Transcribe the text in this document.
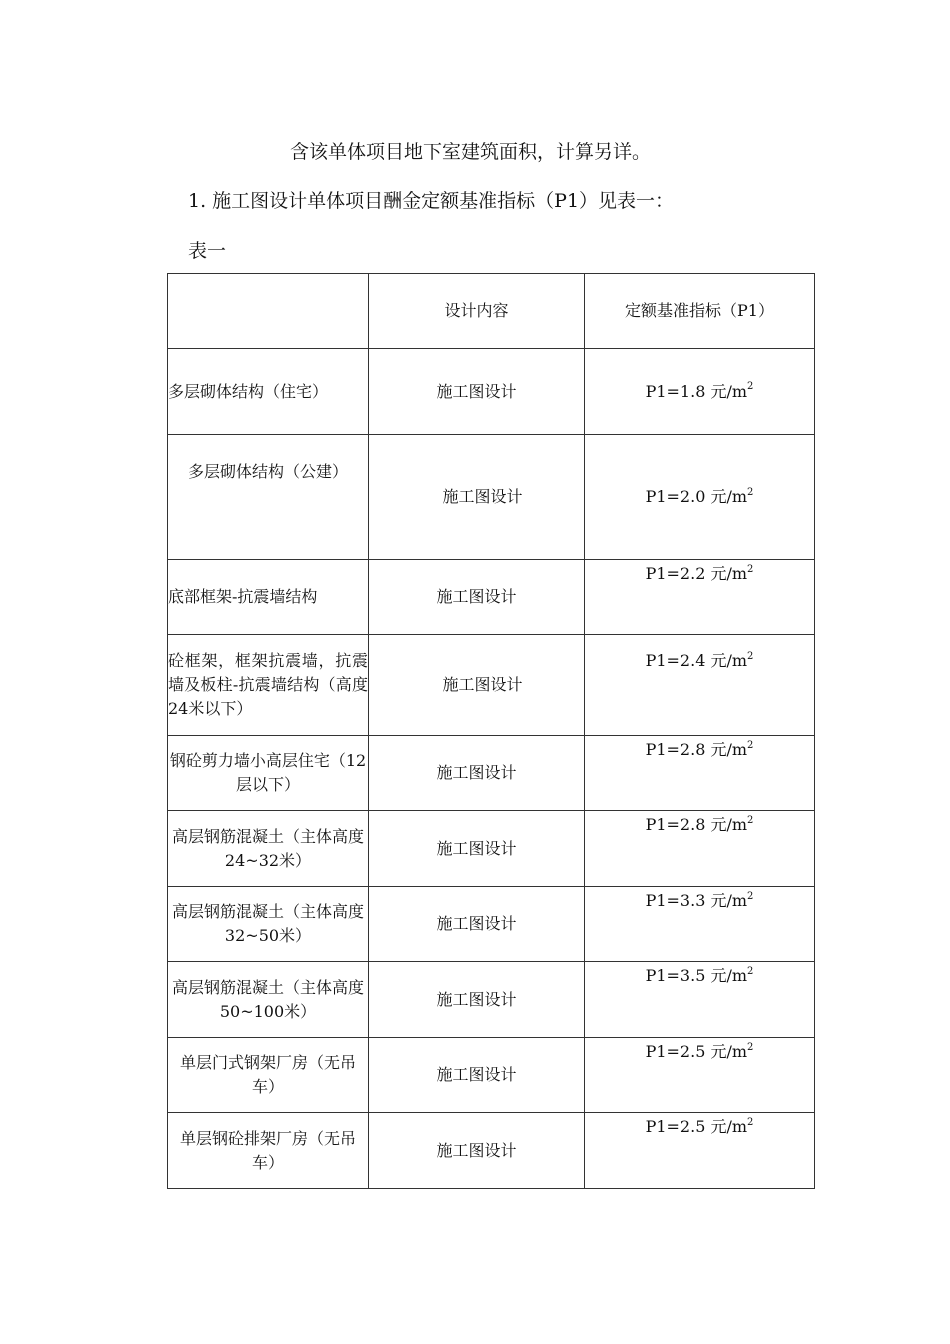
含该单体项目地下室建筑面积，计算另详。
1. 施工图设计单体项目酬金定额基准指标（P1）见表一：
表一
	设计内容	定额基准指标（P1）
多层砌体结构（住宅）	施工图设计	P1=1.8 元$/m^2$
多层砌体结构（公建）	施工图设计	P1=2.0 元$/m^2$
底部框架-抗震墙结构	施工图设计	P1=2.2 元$/m^2$
砼框架，框架抗震墙，抗震墙及板柱-抗震墙结构（高度24米以下）	施工图设计	P1=2.4 元$/m^2$
钢砼剪力墙小高层住宅（12层以下）	施工图设计	P1=2.8 元$/m^2$
高层钢筋混凝土（主体高度24~32米）	施工图设计	P1=2.8 元$/m^2$
高层钢筋混凝土（主体高度32~50米）	施工图设计	P1=3.3 元$/m^2$
高层钢筋混凝土（主体高度50~100米）	施工图设计	P1=3.5 元$/m^2$
单层门式钢架厂房（无吊车）	施工图设计	P1=2.5 元$/m^2$
单层钢砼排架厂房（无吊车）	施工图设计	P1=2.5 元$/m^2$
